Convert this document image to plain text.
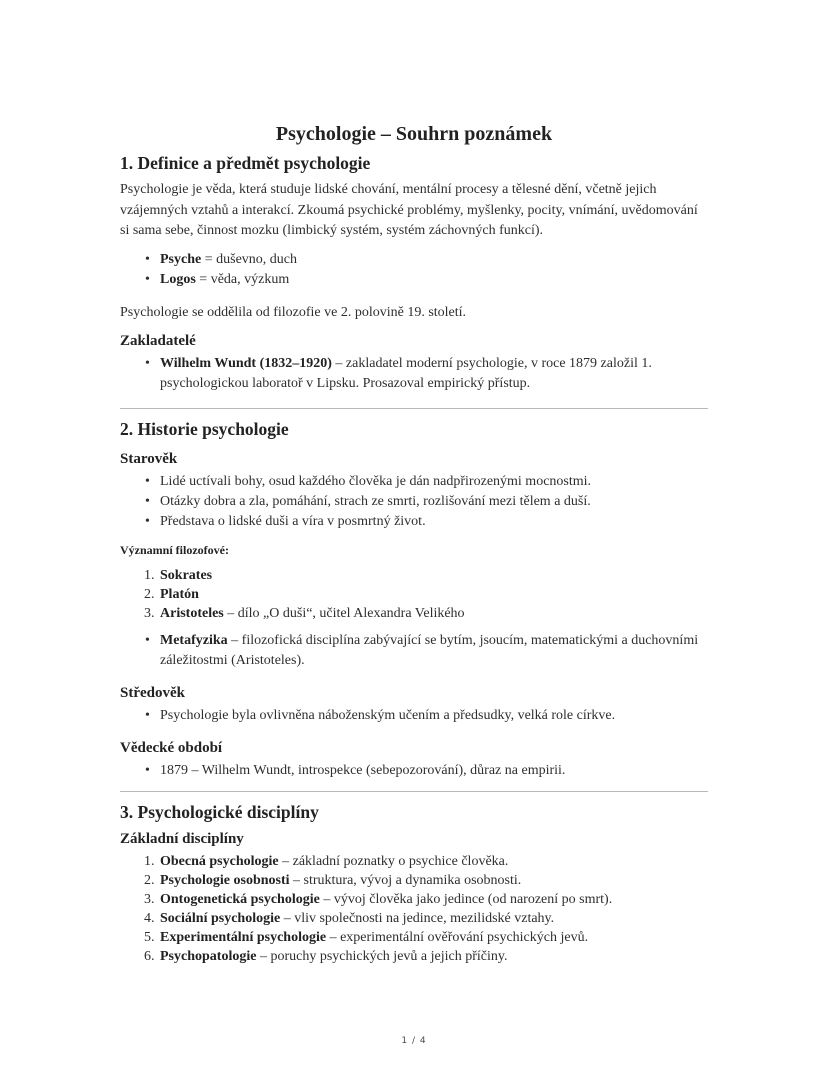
Psychologie – Souhrn poznámek
1. Definice a předmět psychologie

Psychologie je věda, která studuje lidské chování, mentální procesy a tělesné dění, včetně jejich vzájemných vztahů a interakcí. Zkoumá psychické problémy, myšlenky, pocity, vnímání, uvědomování si sama sebe, činnost mozku (limbický systém, systém záchovných funkcí).

•
Psyche = duševno, duch
•
Logos = věda, výzkum

Psychologie se oddělila od filozofie ve 2. polovině 19. století.

Zakladatelé
•
Wilhelm Wundt (1832–1920) – zakladatel moderní psychologie, v roce 1879 založil 1. psychologickou laboratoř v Lipsku. Prosazoval empirický přístup.
2. Historie psychologie
Starověk
•
Lidé uctívali bohy, osud každého člověka je dán nadpřirozenými mocnostmi.
•
Otázky dobra a zla, pomáhání, strach ze smrti, rozlišování mezi tělem a duší.
•
Představa o lidské duši a víra v posmrtný život.
Významní filozofové:
1. Sokrates
2. Platón
3. Aristoteles – dílo „O duši“, učitel Alexandra Velikého
•
Metafyzika – filozofická disciplína zabývající se bytím, jsoucím, matematickými a duchovními záležitostmi (Aristoteles).
Středověk
•
Psychologie byla ovlivněna náboženským učením a předsudky, velká role církve.
Vědecké období
•
1879 – Wilhelm Wundt, introspekce (sebepozorování), důraz na empirii.
3. Psychologické disciplíny
Základní disciplíny
1. Obecná psychologie – základní poznatky o psychice člověka.
2. Psychologie osobnosti – struktura, vývoj a dynamika osobnosti.
3. Ontogenetická psychologie – vývoj člověka jako jedince (od narození po smrt).
4. Sociální psychologie – vliv společnosti na jedince, mezilidské vztahy.
5. Experimentální psychologie – experimentální ověřování psychických jevů.
6. Psychopatologie – poruchy psychických jevů a jejich příčiny.
1 / 4
